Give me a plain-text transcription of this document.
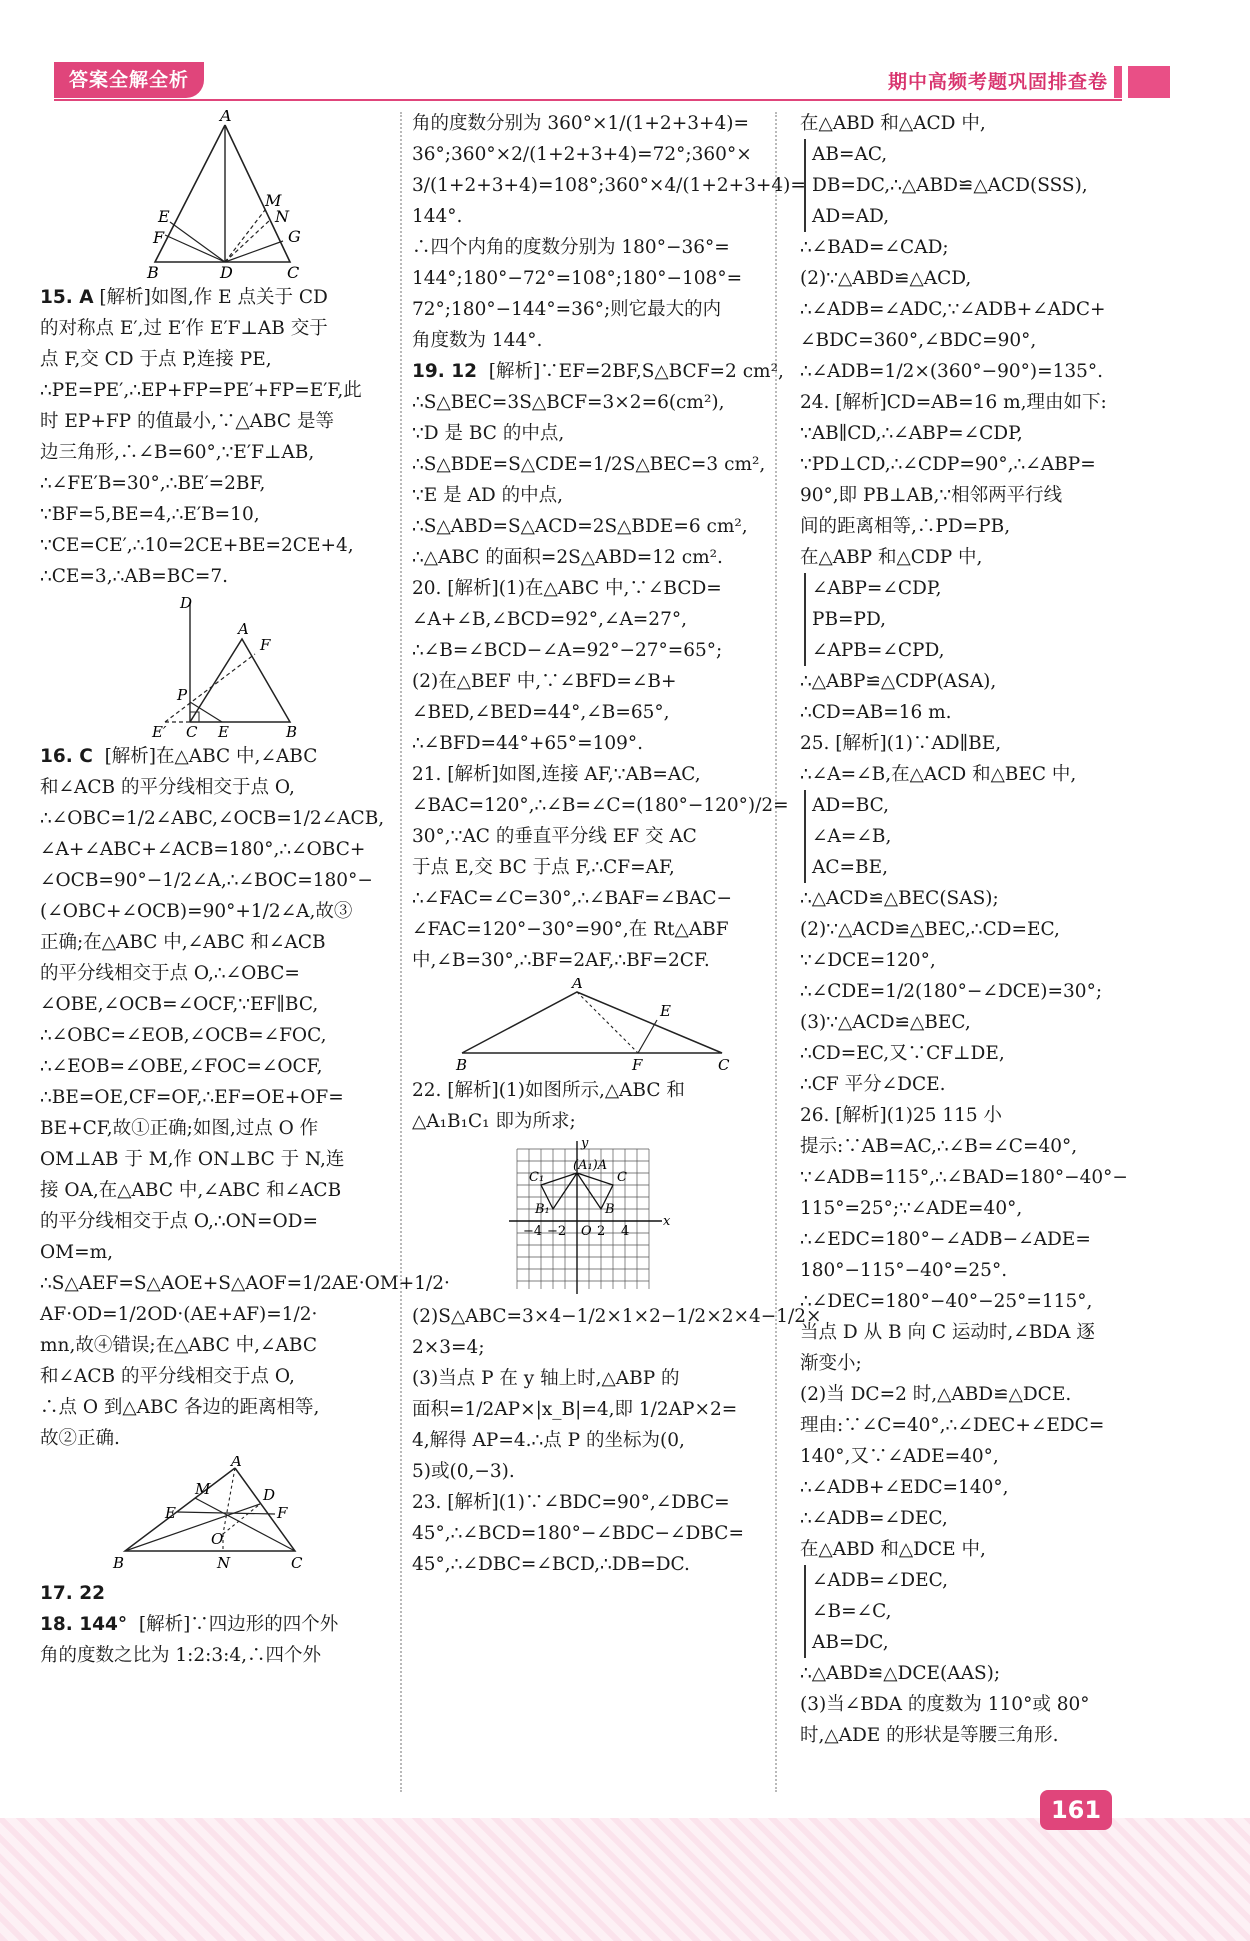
答案全解全析	期中高频考题巩固排查卷
A
E
M
N
F	G
B	D	C

15. A [解析]如图,作 E 点关于 CD

的对称点 E′,过 E′作 E′F⊥AB 交于

点 F,交 CD 于点 P,连接 PE,

∴PE=PE′,∴EP+FP=PE′+FP=E′F,此

时 EP+FP 的值最小,∵△ABC 是等

边三角形,∴∠B=60°,∵E′F⊥AB,

∴∠FE′B=30°,∴BE′=2BF,

∵BF=5,BE=4,∴E′B=10,

∵CE=CE′,∴10=2CE+BE=2CE+4,

∴CE=3,∴AB=BC=7.

D
A
F
P
E′ C E	B

16. C [解析]在△ABC 中,∠ABC

和∠ACB 的平分线相交于点 O,

∴∠OBC=1/2∠ABC,∠OCB=1/2∠ACB,

∠A+∠ABC+∠ACB=180°,∴∠OBC+

∠OCB=90°−1/2∠A,∴∠BOC=180°−

(∠OBC+∠OCB)=90°+1/2∠A,故③

正确;在△ABC 中,∠ABC 和∠ACB

的平分线相交于点 O,∴∠OBC=

∠OBE,∠OCB=∠OCF,∵EF∥BC,

∴∠OBC=∠EOB,∠OCB=∠FOC,

∴∠EOB=∠OBE,∠FOC=∠OCF,

∴BE=OE,CF=OF,∴EF=OE+OF=

BE+CF,故①正确;如图,过点 O 作

OM⊥AB 于 M,作 ON⊥BC 于 N,连

接 OA,在△ABC 中,∠ABC 和∠ACB

的平分线相交于点 O,∴ON=OD=

OM=m,

∴S△AEF=S△AOE+S△AOF=1/2AE·OM+1/2·

AF·OD=1/2OD·(AE+AF)=1/2·

mn,故④错误;在△ABC 中,∠ABC

和∠ACB 的平分线相交于点 O,

∴点 O 到△ABC 各边的距离相等,

故②正确.

A
M	D
E	F
O
B	N	C

17. 22

18. 144° [解析]∵四边形的四个外

角的度数之比为 1:2:3:4,∴四个外

角的度数分别为 360°×1/(1+2+3+4)=

36°;360°×2/(1+2+3+4)=72°;360°×

3/(1+2+3+4)=108°;360°×4/(1+2+3+4)=

144°.

∴四个内角的度数分别为 180°−36°=

144°;180°−72°=108°;180°−108°=

72°;180°−144°=36°;则它最大的内

角度数为 144°.

19. 12 [解析]∵EF=2BF,S△BCF=2 cm²,

∴S△BEC=3S△BCF=3×2=6(cm²),

∵D 是 BC 的中点,

∴S△BDE=S△CDE=1/2S△BEC=3 cm²,

∵E 是 AD 的中点,

∴S△ABD=S△ACD=2S△BDE=6 cm²,

∴△ABC 的面积=2S△ABD=12 cm².

20. [解析](1)在△ABC 中,∵∠BCD=

∠A+∠B,∠BCD=92°,∠A=27°,

∴∠B=∠BCD−∠A=92°−27°=65°;

(2)在△BEF 中,∵∠BFD=∠B+

∠BED,∠BED=44°,∠B=65°,

∴∠BFD=44°+65°=109°.

21. [解析]如图,连接 AF,∵AB=AC,

∠BAC=120°,∴∠B=∠C=(180°−120°)/2=

30°,∵AC 的垂直平分线 EF 交 AC

于点 E,交 BC 于点 F,∴CF=AF,

∴∠FAC=∠C=30°,∴∠BAF=∠BAC−

∠FAC=120°−30°=90°,在 Rt△ABF

中,∠B=30°,∴BF=2AF,∴BF=2CF.

A
E
B	F	C

22. [解析](1)如图所示,△ABC 和

△A₁B₁C₁ 即为所求;

y
x
O
C₁
(A₁)A
C
B₁	B
2 4
−4 −2

(2)S△ABC=3×4−1/2×1×2−1/2×2×4−1/2×

2×3=4;

(3)当点 P 在 y 轴上时,△ABP 的

面积=1/2AP×|x_B|=4,即 1/2AP×2=

4,解得 AP=4.∴点 P 的坐标为(0,

5)或(0,−3).

23. [解析](1)∵∠BDC=90°,∠DBC=

45°,∴∠BCD=180°−∠BDC−∠DBC=

45°,∴∠DBC=∠BCD,∴DB=DC.

在△ABD 和△ACD 中,

AB=AC,

DB=DC,∴△ABD≌△ACD(SSS),

AD=AD,

∴∠BAD=∠CAD;

(2)∵△ABD≌△ACD,

∴∠ADB=∠ADC,∵∠ADB+∠ADC+

∠BDC=360°,∠BDC=90°,

∴∠ADB=1/2×(360°−90°)=135°.

24. [解析]CD=AB=16 m,理由如下:

∵AB∥CD,∴∠ABP=∠CDP,

∵PD⊥CD,∴∠CDP=90°,∴∠ABP=

90°,即 PB⊥AB,∵相邻两平行线

间的距离相等,∴PD=PB,

在△ABP 和△CDP 中,

∠ABP=∠CDP,

PB=PD,

∠APB=∠CPD,

∴△ABP≌△CDP(ASA),

∴CD=AB=16 m.

25. [解析](1)∵AD∥BE,

∴∠A=∠B,在△ACD 和△BEC 中,

AD=BC,

∠A=∠B,

AC=BE,

∴△ACD≌△BEC(SAS);

(2)∵△ACD≌△BEC,∴CD=EC,

∵∠DCE=120°,

∴∠CDE=1/2(180°−∠DCE)=30°;

(3)∵△ACD≌△BEC,

∴CD=EC,又∵CF⊥DE,

∴CF 平分∠DCE.

26. [解析](1)25 115 小

提示:∵AB=AC,∴∠B=∠C=40°,

∵∠ADB=115°,∴∠BAD=180°−40°−

115°=25°;∵∠ADE=40°,

∴∠EDC=180°−∠ADB−∠ADE=

180°−115°−40°=25°.

∴∠DEC=180°−40°−25°=115°,

当点 D 从 B 向 C 运动时,∠BDA 逐

渐变小;

(2)当 DC=2 时,△ABD≌△DCE.

理由:∵∠C=40°,∴∠DEC+∠EDC=

140°,又∵∠ADE=40°,

∴∠ADB+∠EDC=140°,

∴∠ADB=∠DEC,

在△ABD 和△DCE 中,

∠ADB=∠DEC,

∠B=∠C,

AB=DC,

∴△ABD≌△DCE(AAS);

(3)当∠BDA 的度数为 110°或 80°

时,△ADE 的形状是等腰三角形.

161
